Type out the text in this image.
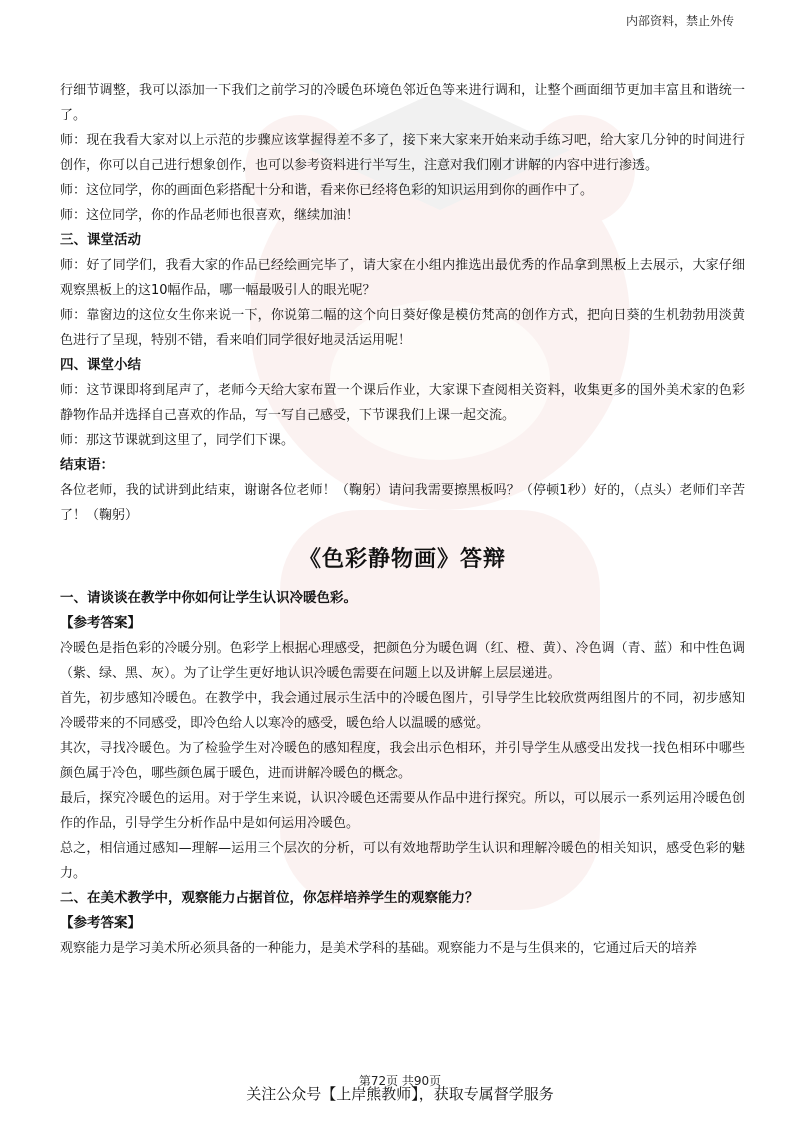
内部资料，禁止外传

行细节调整，我可以添加一下我们之前学习的冷暖色环境色邻近色等来进行调和，让整个画面细节更加丰富且和谐统一了。

师：现在我看大家对以上示范的步骤应该掌握得差不多了，接下来大家来开始来动手练习吧，给大家几分钟的时间进行创作，你可以自己进行想象创作，也可以参考资料进行半写生，注意对我们刚才讲解的内容中进行渗透。

师：这位同学，你的画面色彩搭配十分和谐，看来你已经将色彩的知识运用到你的画作中了。

师：这位同学，你的作品老师也很喜欢，继续加油！

三、课堂活动

师：好了同学们，我看大家的作品已经绘画完毕了，请大家在小组内推选出最优秀的作品拿到黑板上去展示，大家仔细观察黑板上的这10幅作品，哪一幅最吸引人的眼光呢？

师：靠窗边的这位女生你来说一下，你说第二幅的这个向日葵好像是模仿梵高的创作方式，把向日葵的生机勃勃用淡黄色进行了呈现，特别不错，看来咱们同学很好地灵活运用呢！

四、课堂小结

师：这节课即将到尾声了，老师今天给大家布置一个课后作业，大家课下查阅相关资料，收集更多的国外美术家的色彩静物作品并选择自己喜欢的作品，写一写自己感受，下节课我们上课一起交流。

师：那这节课就到这里了，同学们下课。

结束语：

各位老师，我的试讲到此结束，谢谢各位老师！（鞠躬）请问我需要擦黑板吗？（停顿1秒）好的，（点头）老师们辛苦了！（鞠躬）

《色彩静物画》答辩
一、请谈谈在教学中你如何让学生认识冷暖色彩。
【参考答案】

冷暖色是指色彩的冷暖分别。色彩学上根据心理感受，把颜色分为暖色调（红、橙、黄）、冷色调（青、蓝）和中性色调（紫、绿、黑、灰）。为了让学生更好地认识冷暖色需要在问题上以及讲解上层层递进。

首先，初步感知冷暖色。在教学中，我会通过展示生活中的冷暖色图片，引导学生比较欣赏两组图片的不同，初步感知冷暖带来的不同感受，即冷色给人以寒冷的感受，暖色给人以温暖的感觉。

其次，寻找冷暖色。为了检验学生对冷暖色的感知程度，我会出示色相环，并引导学生从感受出发找一找色相环中哪些颜色属于冷色，哪些颜色属于暖色，进而讲解冷暖色的概念。

最后，探究冷暖色的运用。对于学生来说，认识冷暖色还需要从作品中进行探究。所以，可以展示一系列运用冷暖色创作的作品，引导学生分析作品中是如何运用冷暖色。

总之，相信通过感知—理解—运用三个层次的分析，可以有效地帮助学生认识和理解冷暖色的相关知识，感受色彩的魅力。

二、在美术教学中，观察能力占据首位，你怎样培养学生的观察能力？
【参考答案】

观察能力是学习美术所必须具备的一种能力，是美术学科的基础。观察能力不是与生俱来的，它通过后天的培养

第72页 共90页
关注公众号【上岸熊教师】，获取专属督学服务
